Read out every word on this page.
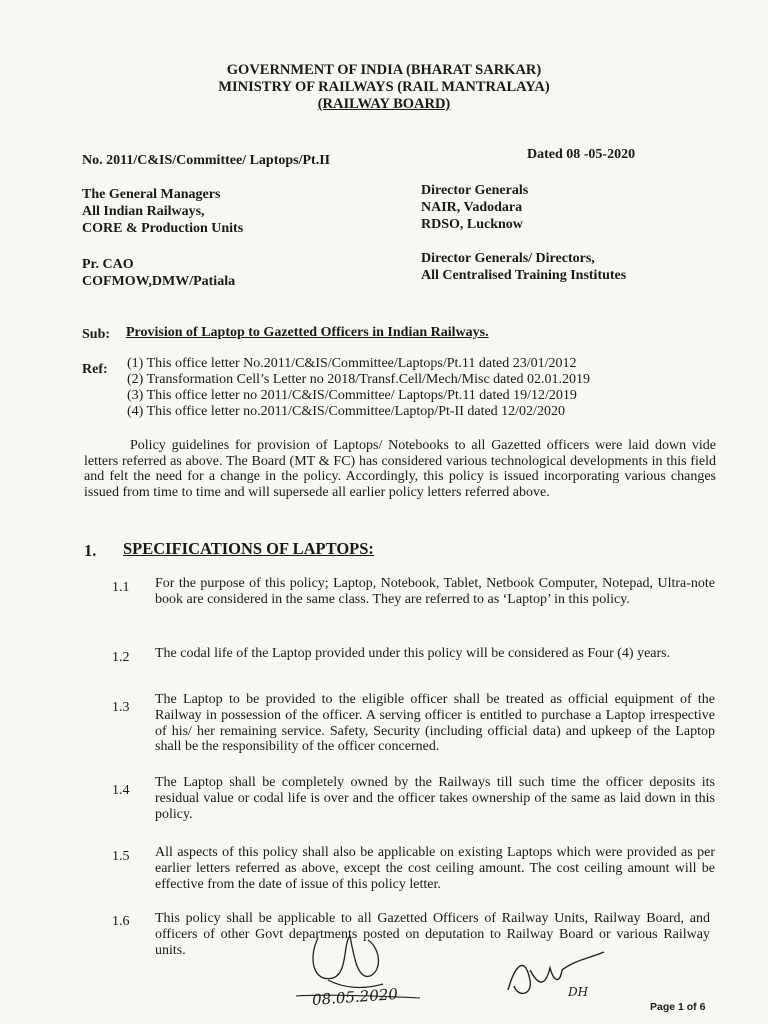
GOVERNMENT OF INDIA (BHARAT SARKAR)
MINISTRY OF RAILWAYS (RAIL MANTRALAYA)
(RAILWAY BOARD)
No. 2011/C&IS/Committee/ Laptops/Pt.II	Dated 08 -05-2020
The General Managers
All Indian Railways,
CORE & Production Units
Pr. CAO
COFMOW,DMW/Patiala
Director Generals
NAIR, Vadodara
RDSO, Lucknow
Director Generals/ Directors,
All Centralised Training Institutes
Sub: Provision of Laptop to Gazetted Officers in Indian Railways.
Ref: (1) This office letter No.2011/C&IS/Committee/Laptops/Pt.11 dated 23/01/2012
(2) Transformation Cell’s Letter no 2018/Transf.Cell/Mech/Misc dated 02.01.2019
(3) This office letter no 2011/C&IS/Committee/ Laptops/Pt.11 dated 19/12/2019
(4) This office letter no.2011/C&IS/Committee/Laptop/Pt-II dated 12/02/2020
Policy guidelines for provision of Laptops/ Notebooks to all Gazetted officers were laid down vide letters referred as above. The Board (MT & FC) has considered various technological developments in this field and felt the need for a change in the policy. Accordingly, this policy is issued incorporating various changes issued from time to time and will supersede all earlier policy letters referred above.
1. SPECIFICATIONS OF LAPTOPS:
1.1 For the purpose of this policy; Laptop, Notebook, Tablet, Netbook Computer, Notepad, Ultra-note book are considered in the same class. They are referred to as ‘Laptop’ in this policy.
1.2 The codal life of the Laptop provided under this policy will be considered as Four (4) years.
1.3
The Laptop to be provided to the eligible officer shall be treated as official equipment of the Railway in possession of the officer. A serving officer is entitled to purchase a Laptop irrespective of his/ her remaining service. Safety, Security (including official data) and upkeep of the Laptop shall be the responsibility of the officer concerned.
1.4
The Laptop shall be completely owned by the Railways till such time the officer deposits its residual value or codal life is over and the officer takes ownership of the same as laid down in this policy.
1.5 All aspects of this policy shall also be applicable on existing Laptops which were provided as per earlier letters referred as above, except the cost ceiling amount. The cost ceiling amount will be effective from the date of issue of this policy letter.
1.6 This policy shall be applicable to all Gazetted Officers of Railway Units, Railway Board, and officers of other Govt departments posted on deputation to Railway Board or various Railway units.
08.05.2020	DH
Page 1 of 6
